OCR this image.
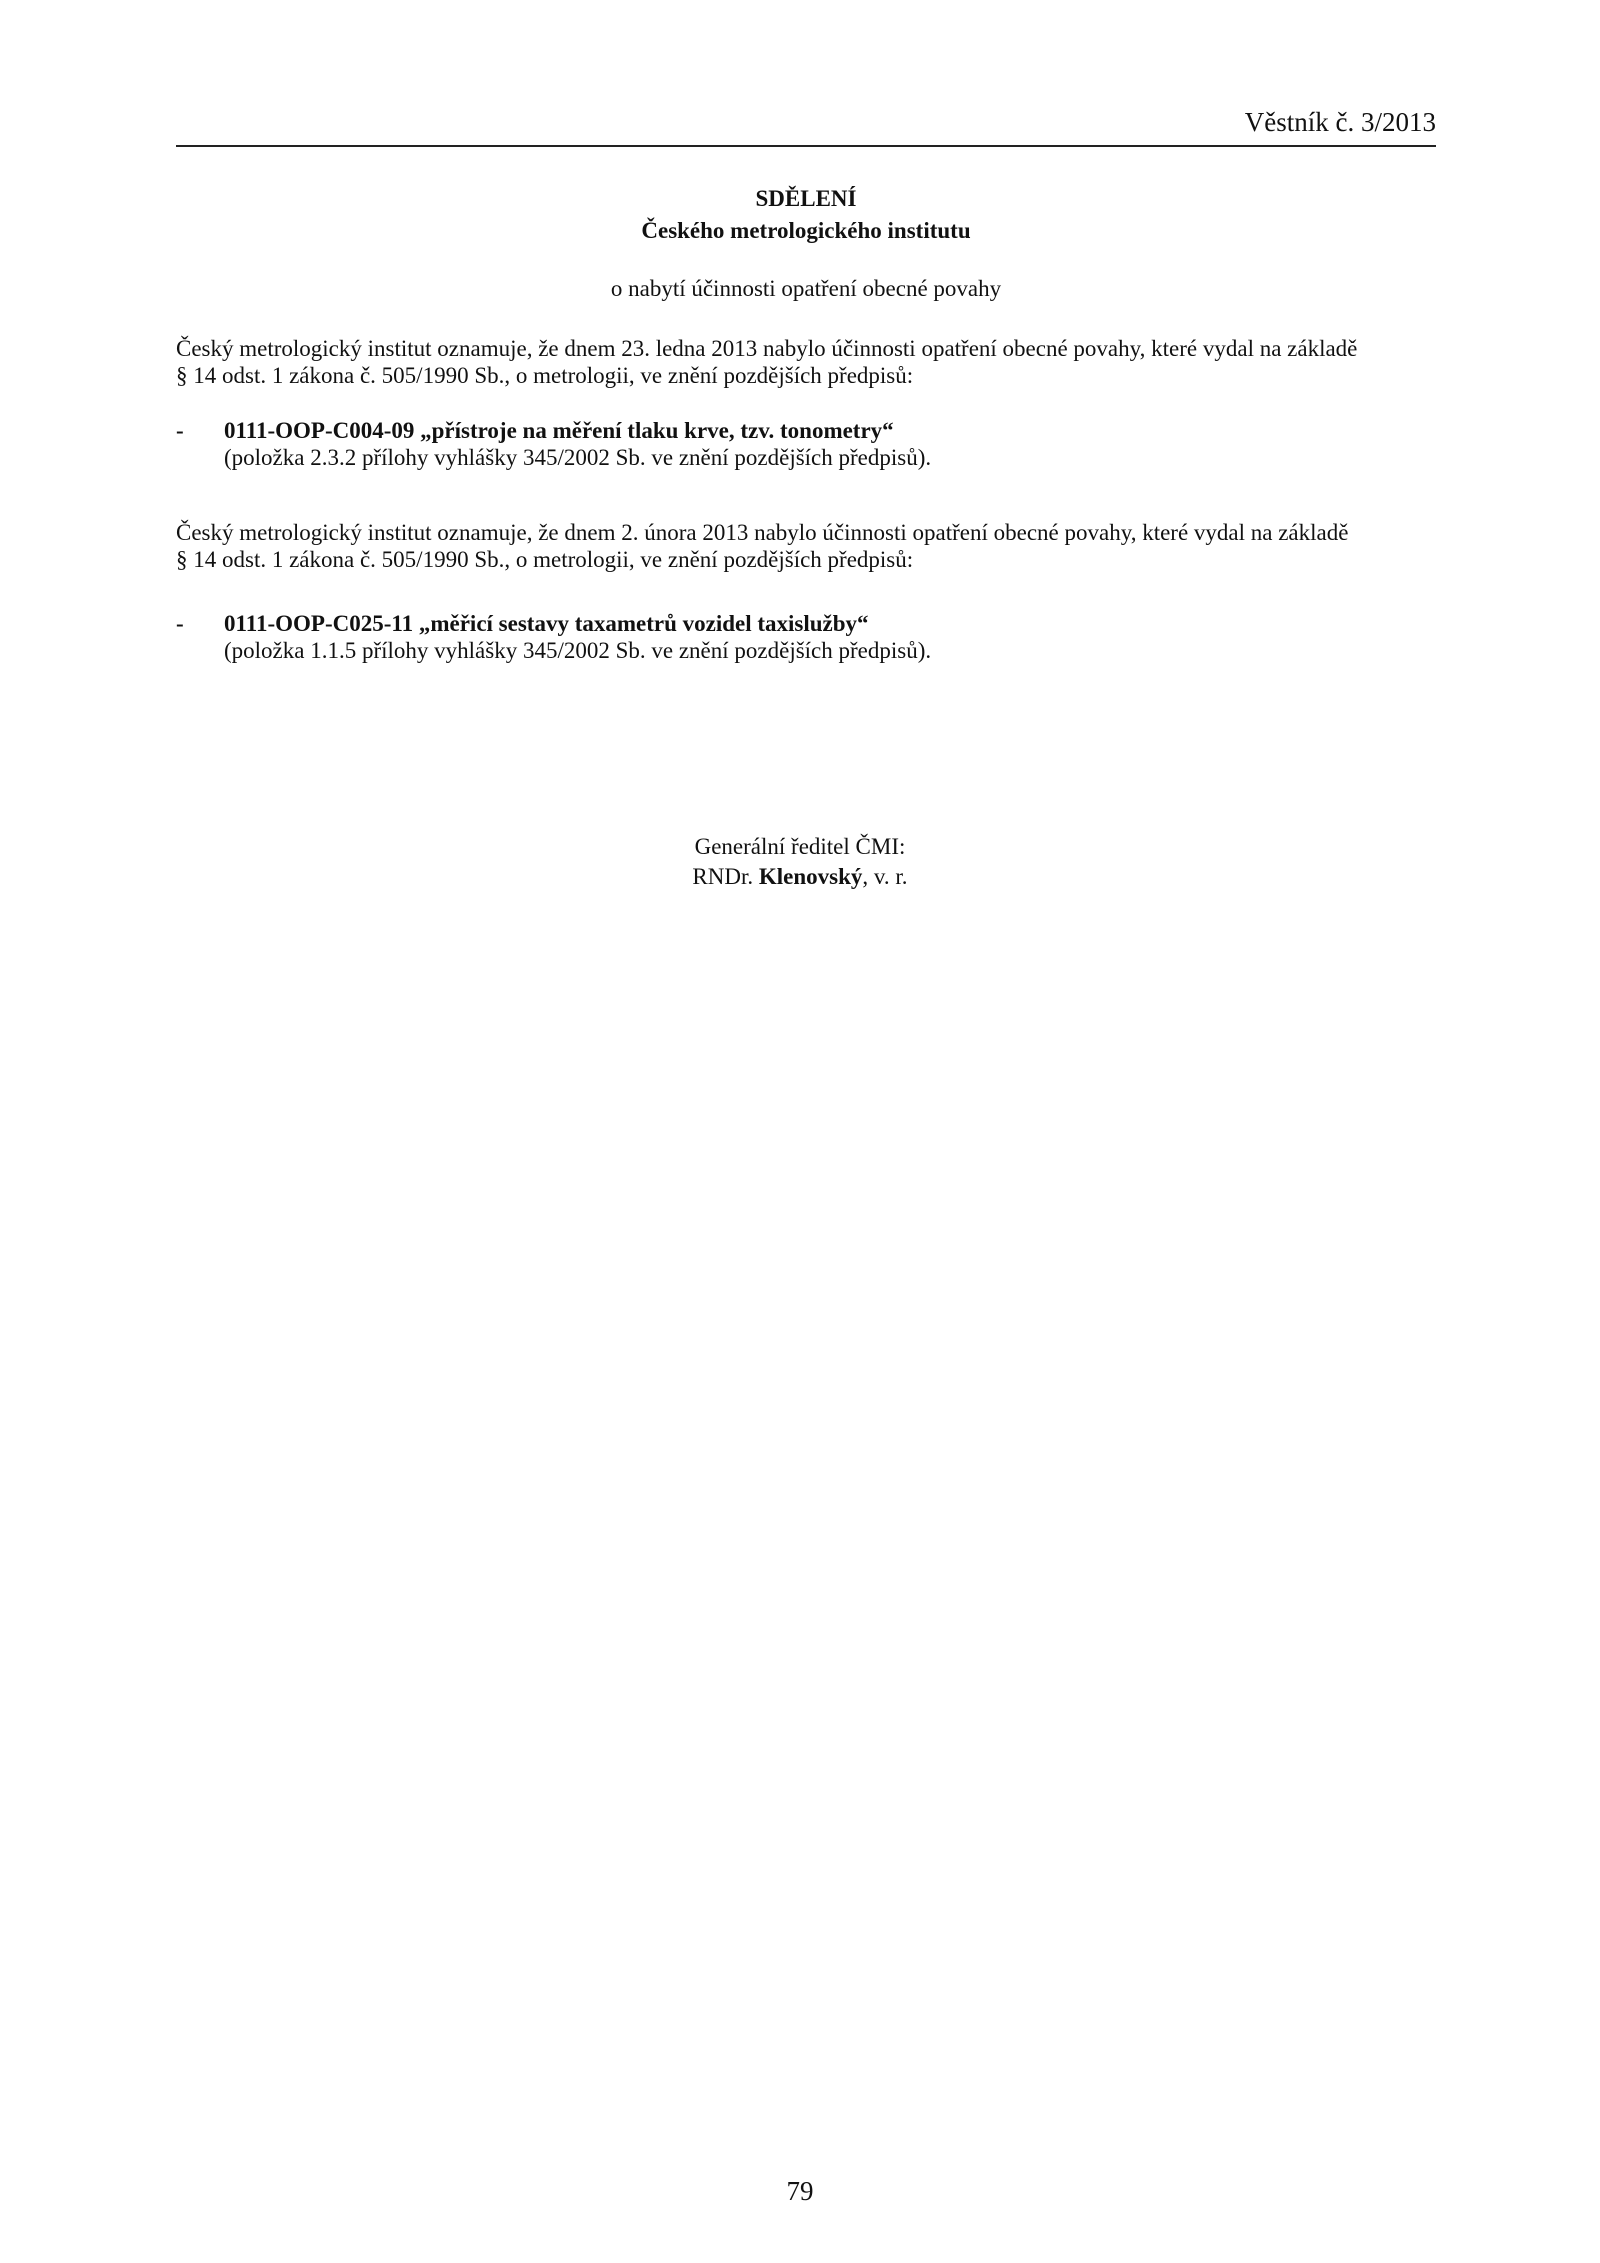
Věstník č. 3/2013
SDĚLENÍ
Českého metrologického institutu
o nabytí účinnosti opatření obecné povahy
Český metrologický institut oznamuje, že dnem 23. ledna 2013 nabylo účinnosti opatření obecné povahy, které vydal na základě
§ 14 odst. 1 zákona č. 505/1990 Sb., o metrologii, ve znění pozdějších předpisů:
- 0111-OOP-C004-09 „přístroje na měření tlaku krve, tzv. tonometry“
(položka 2.3.2 přílohy vyhlášky 345/2002 Sb. ve znění pozdějších předpisů).
Český metrologický institut oznamuje, že dnem 2. února 2013 nabylo účinnosti opatření obecné povahy, které vydal na základě
§ 14 odst. 1 zákona č. 505/1990 Sb., o metrologii, ve znění pozdějších předpisů:
- 0111-OOP-C025-11 „měřicí sestavy taxametrů vozidel taxislužby“
(položka 1.1.5 přílohy vyhlášky 345/2002 Sb. ve znění pozdějších předpisů).
Generální ředitel ČMI:
RNDr. Klenovský, v. r.
79
